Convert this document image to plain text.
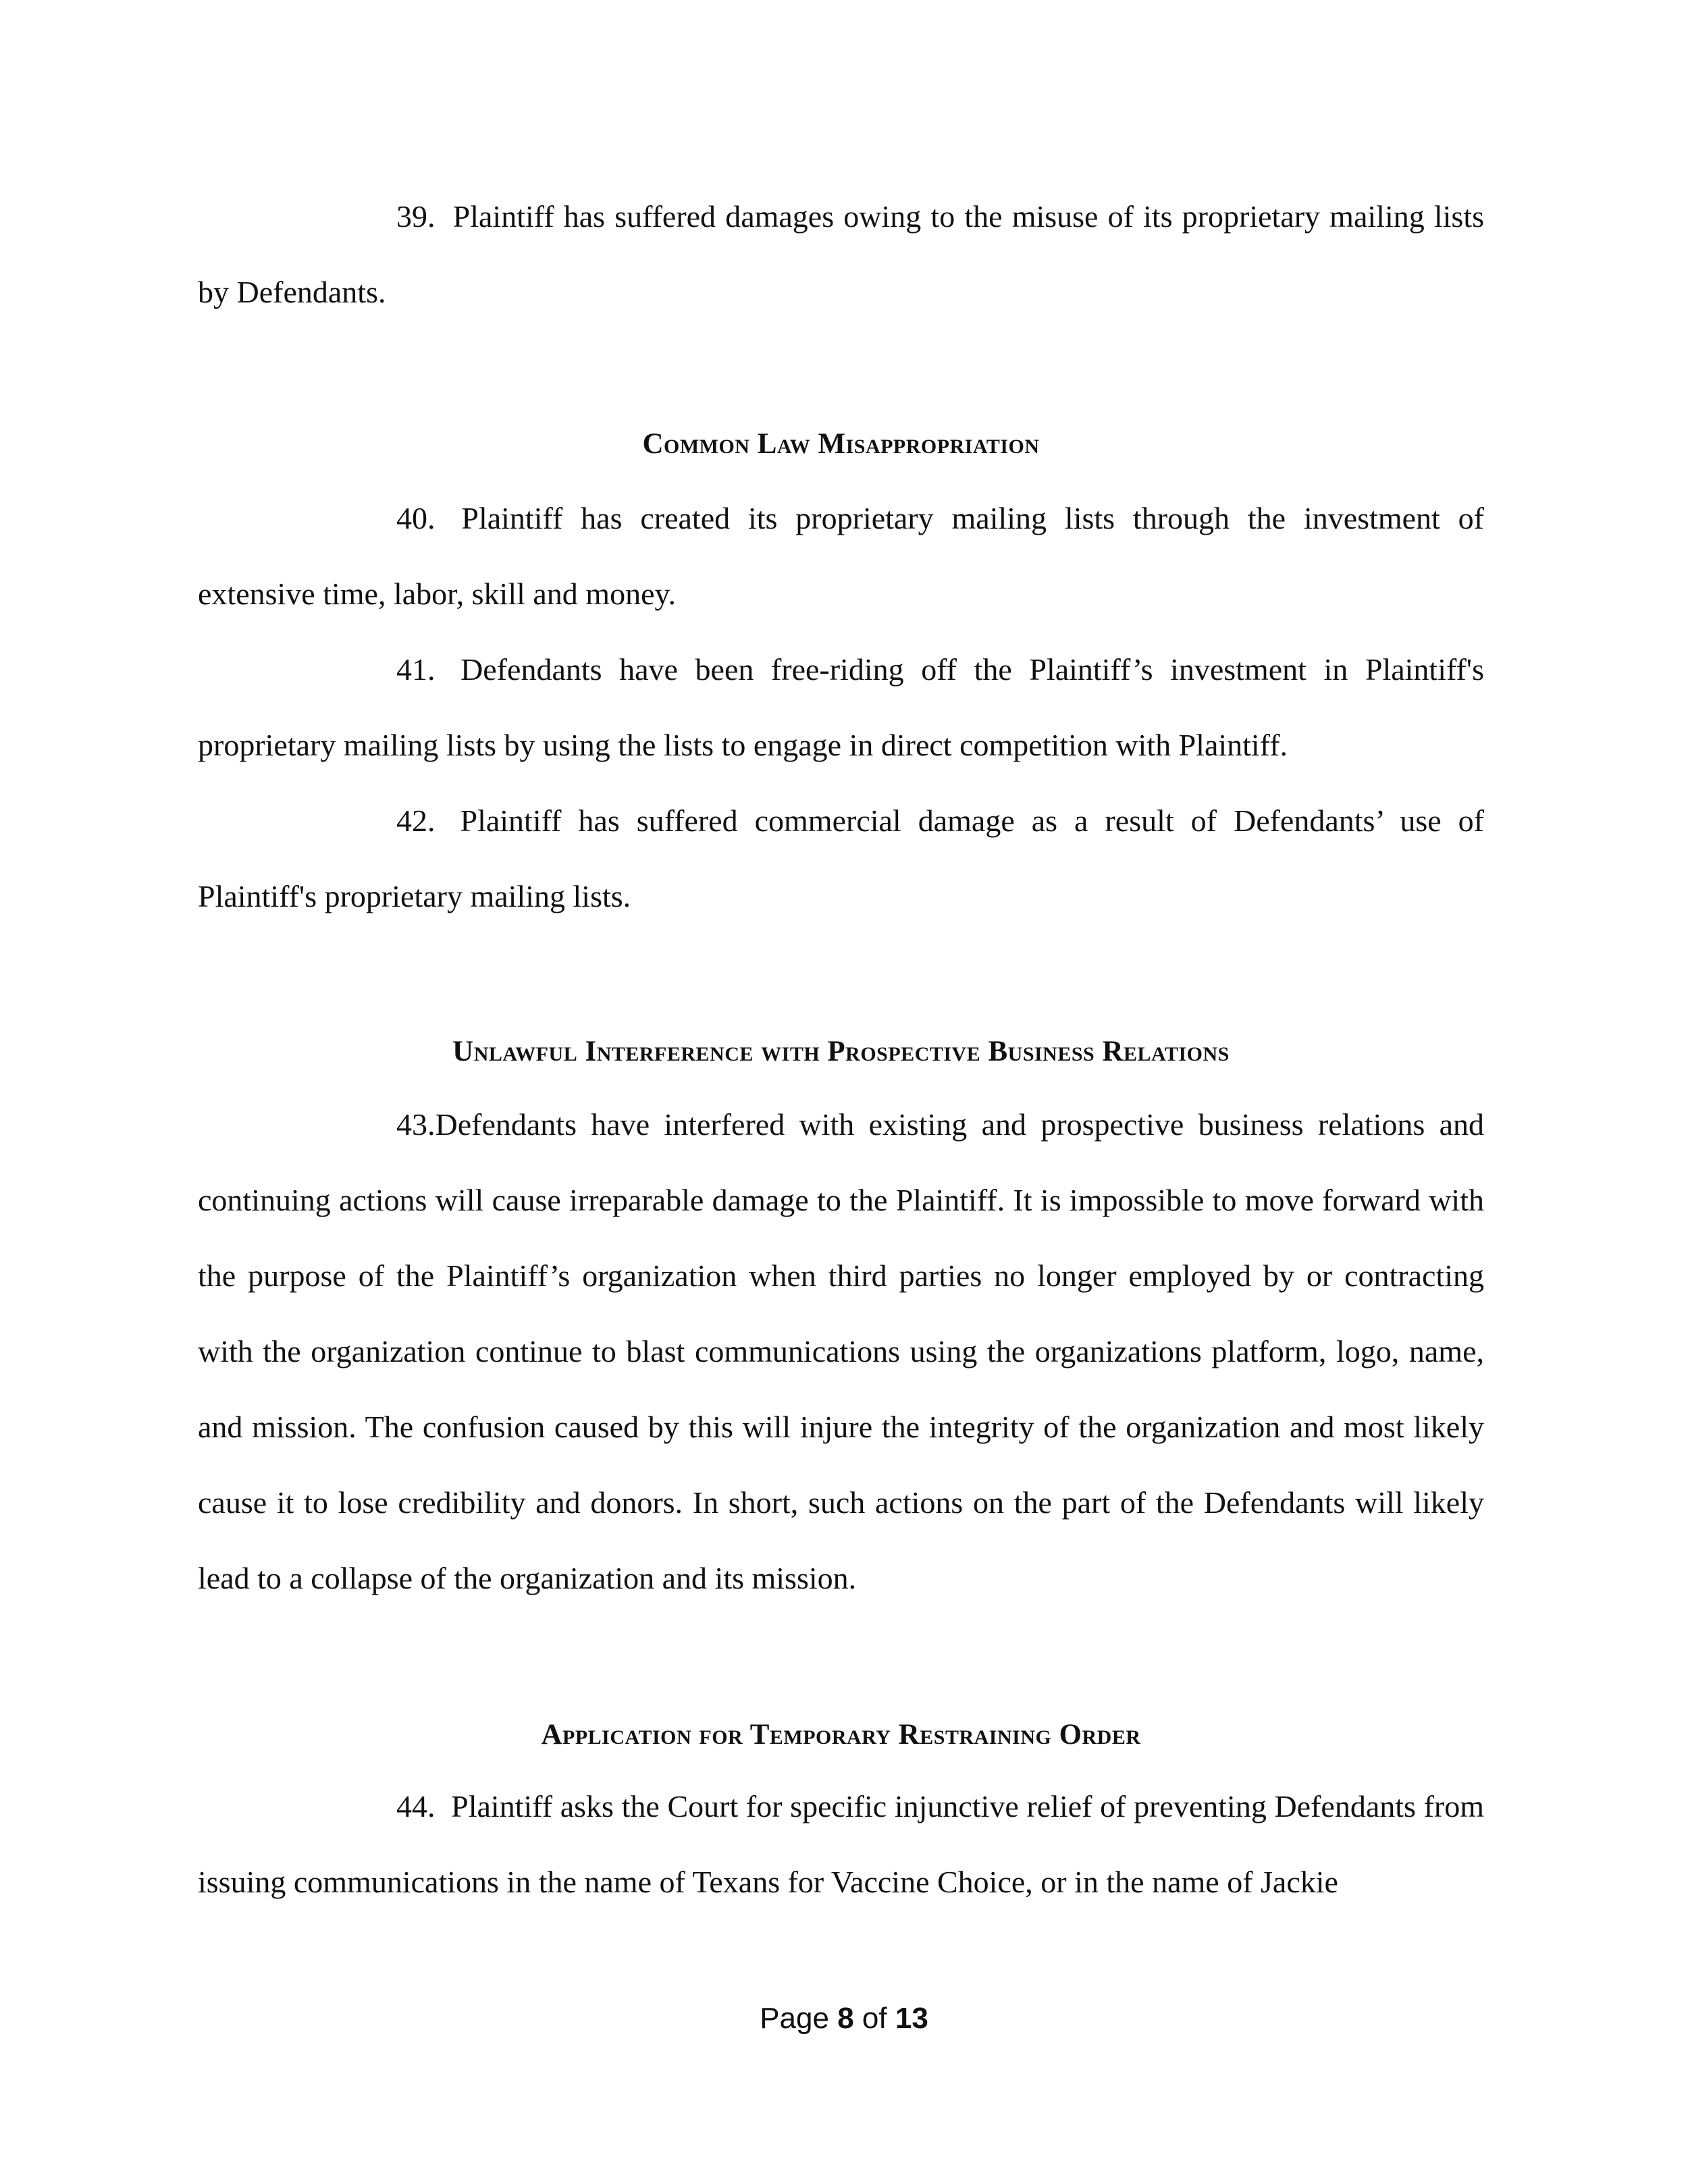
39. Plaintiff has suffered damages owing to the misuse of its proprietary mailing lists by Defendants.

Common Law Misappropriation

40. Plaintiff has created its proprietary mailing lists through the investment of extensive time, labor, skill and money.

41. Defendants have been free-riding off the Plaintiff’s investment in Plaintiff's proprietary mailing lists by using the lists to engage in direct competition with Plaintiff.

42. Plaintiff has suffered commercial damage as a result of Defendants’ use of Plaintiff's proprietary mailing lists.

Unlawful Interference with Prospective Business Relations

43.Defendants have interfered with existing and prospective business relations and continuing actions will cause irreparable damage to the Plaintiff. It is impossible to move forward with the purpose of the Plaintiff’s organization when third parties no longer employed by or contracting with the organization continue to blast communications using the organizations platform, logo, name, and mission. The confusion caused by this will injure the integrity of the organization and most likely cause it to lose credibility and donors. In short, such actions on the part of the Defendants will likely lead to a collapse of the organization and its mission.

Application for Temporary Restraining Order

44. Plaintiff asks the Court for specific injunctive relief of preventing Defendants from issuing communications in the name of Texans for Vaccine Choice, or in the name of Jackie

Page 8 of 13
